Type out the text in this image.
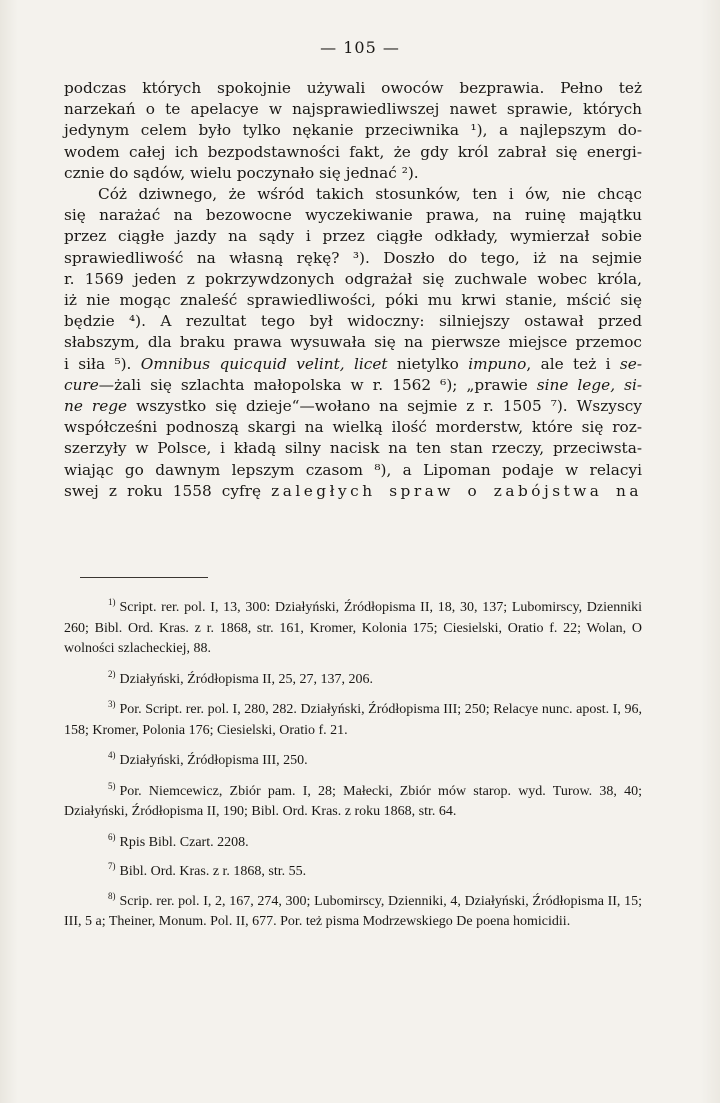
— 105 —

podczas których spokojnie używali owoców bezprawia. Pełno też
narzekań o te apelacye w najsprawiedliwszej nawet sprawie, których
jedynym celem było tylko nękanie przeciwnika ¹), a najlepszym do-
wodem całej ich bezpodstawności fakt, że gdy król zabrał się energi-
cznie do sądów, wielu poczynało się jednać ²).

Cóż dziwnego, że wśród takich stosunków, ten i ów, nie chcąc
się narażać na bezowocne wyczekiwanie prawa, na ruinę majątku
przez ciągłe jazdy na sądy i przez ciągłe odkłady, wymierzał sobie
sprawiedliwość na własną rękę? ³). Doszło do tego, iż na sejmie
r. 1569 jeden z pokrzywdzonych odgrażał się zuchwale wobec króla,
iż nie mogąc znaleść sprawiedliwości, póki mu krwi stanie, mścić się
będzie ⁴). A rezultat tego był widoczny: silniejszy ostawał przed
słabszym, dla braku prawa wysuwała się na pierwsze miejsce przemoc
i siła ⁵). Omnibus quicquid velint, licet nietylko impuno, ale też i se-
cure—żali się szlachta małopolska w r. 1562 ⁶); „prawie sine lege, si-
ne rege wszystko się dzieje“—wołano na sejmie z r. 1505 ⁷). Wszyscy
współcześni podnoszą skargi na wielką ilość morderstw, które się roz-
szerzyły w Polsce, i kładą silny nacisk na ten stan rzeczy, przeciwsta-
wiając go dawnym lepszym czasom ⁸), a Lipoman podaje w relacyi
swej z roku 1558 cyfrę zaległych spraw o zabójstwa na

$^{1)}$ Script. rer. pol. I, 13, 300: Działyński, Źródłopisma II, 18, 30, 137; Lubomirscy, Dzienniki 260; Bibl. Ord. Kras. z r. 1868, str. 161, Kromer, Kolonia 175; Ciesielski, Oratio f. 22; Wolan, O wolności szlacheckiej, 88.

$^{2)}$ Działyński, Źródłopisma II, 25, 27, 137, 206.

$^{3)}$ Por. Script. rer. pol. I, 280, 282. Działyński, Źródłopisma III; 250; Relacye nunc. apost. I, 96, 158; Kromer, Polonia 176; Ciesielski, Oratio f. 21.

$^{4)}$ Działyński, Źródłopisma III, 250.

$^{5)}$ Por. Niemcewicz, Zbiór pam. I, 28; Małecki, Zbiór mów starop. wyd. Turow. 38, 40; Działyński, Źródłopisma II, 190; Bibl. Ord. Kras. z roku 1868, str. 64.

$^{6)}$ Rpis Bibl. Czart. 2208.

$^{7)}$ Bibl. Ord. Kras. z r. 1868, str. 55.

$^{8)}$ Scrip. rer. pol. I, 2, 167, 274, 300; Lubomirscy, Dzienniki, 4, Działyński, Źródłopisma II, 15; III, 5 a; Theiner, Monum. Pol. II, 677. Por. też pisma Modrzewskiego De poena homicidii.
